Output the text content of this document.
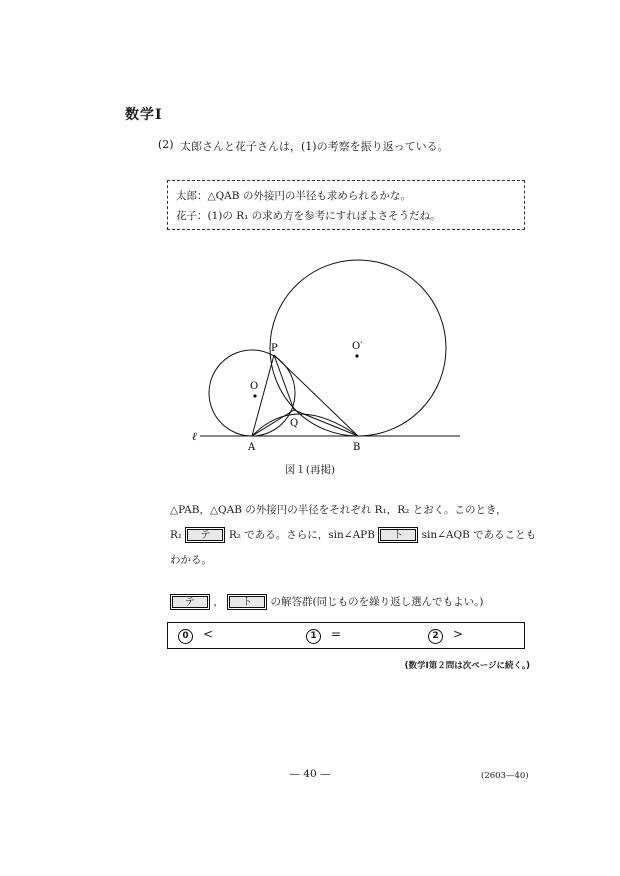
数学Ⅰ
(2) 太郎さんと花子さんは，(1)の考察を振り返っている。
太郎：△QAB の外接円の半径も求められるかな。
花子：(1)の R₁ の求め方を参考にすればよさそうだね。
P
O
O′
Q
A	B
ℓ
図１(再掲)
△PAB，△QAB の外接円の半径をそれぞれ R₁，R₂ とおく。このとき，
R₁	テ	R₂ である。さらに，sin∠APB	ト	sin∠AQB であることも
わかる。
テ	，	ト	の解答群(同じものを繰り返し選んでもよい。)
0 <	1 =	2 >
(数学Ⅰ第２問は次ページに続く。)
— 40 —	(2603—40)
